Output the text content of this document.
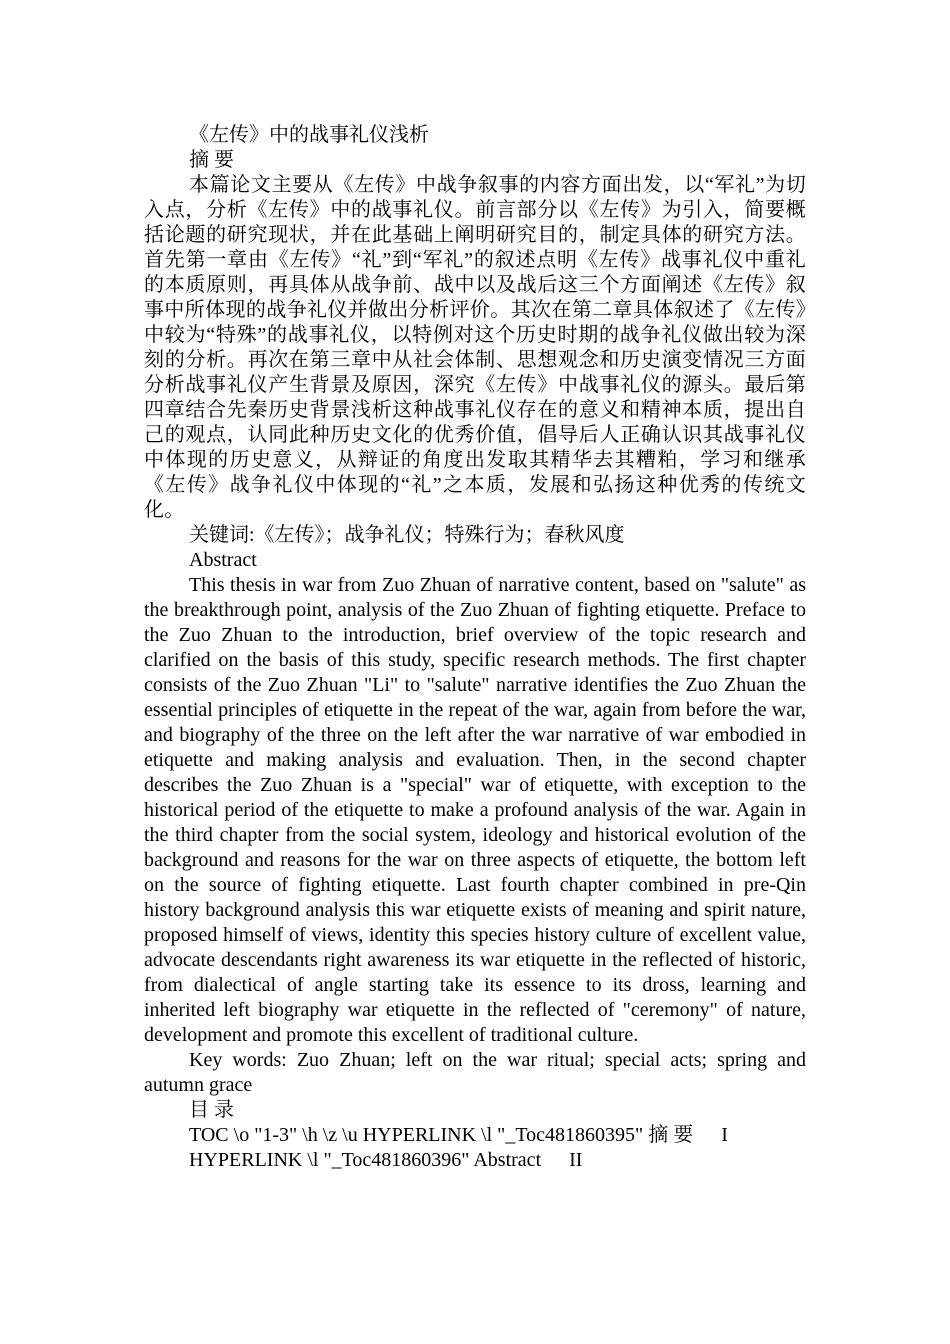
《左传》中的战事礼仪浅析
摘 要

本篇论文主要从《左传》中战争叙事的内容方面出发，以“军礼”为切入点，分析《左传》中的战事礼仪。前言部分以《左传》为引入，简要概括论题的研究现状，并在此基础上阐明研究目的，制定具体的研究方法。首先第一章由《左传》“礼”到“军礼”的叙述点明《左传》战事礼仪中重礼的本质原则，再具体从战争前、战中以及战后这三个方面阐述《左传》叙事中所体现的战争礼仪并做出分析评价。其次在第二章具体叙述了《左传》中较为“特殊”的战事礼仪，以特例对这个历史时期的战争礼仪做出较为深刻的分析。再次在第三章中从社会体制、思想观念和历史演变情况三方面分析战事礼仪产生背景及原因，深究《左传》中战事礼仪的源头。最后第四章结合先秦历史背景浅析这种战事礼仪存在的意义和精神本质，提出自己的观点，认同此种历史文化的优秀价值，倡导后人正确认识其战事礼仪中体现的历史意义，从辩证的角度出发取其精华去其糟粕，学习和继承《左传》战争礼仪中体现的“礼”之本质，发展和弘扬这种优秀的传统文化。

关键词:《左传》；战争礼仪；特殊行为；春秋风度
Abstract

This thesis in war from Zuo Zhuan of narrative content, based on "salute" as the breakthrough point, analysis of the Zuo Zhuan of fighting etiquette. Preface to the Zuo Zhuan to the introduction, brief overview of the topic research and clarified on the basis of this study, specific research methods. The first chapter consists of the Zuo Zhuan "Li" to "salute" narrative identifies the Zuo Zhuan the essential principles of etiquette in the repeat of the war, again from before the war, and biography of the three on the left after the war narrative of war embodied in etiquette and making analysis and evaluation. Then, in the second chapter describes the Zuo Zhuan is a "special" war of etiquette, with exception to the historical period of the etiquette to make a profound analysis of the war. Again in the third chapter from the social system, ideology and historical evolution of the background and reasons for the war on three aspects of etiquette, the bottom left on the source of fighting etiquette. Last fourth chapter combined in pre-Qin history background analysis this war etiquette exists of meaning and spirit nature, proposed himself of views, identity this species history culture of excellent value, advocate descendants right awareness its war etiquette in the reflected of historic, from dialectical of angle starting take its essence to its dross, learning and inherited left biography war etiquette in the reflected of "ceremony" of nature, development and promote this excellent of traditional culture.

Key words: Zuo Zhuan; left on the war ritual; special acts; spring and autumn grace

目 录
TOC \o "1-3" \h \z \u HYPERLINK \l "_Toc481860395" 摘 要 I
HYPERLINK \l "_Toc481860396" Abstract II
